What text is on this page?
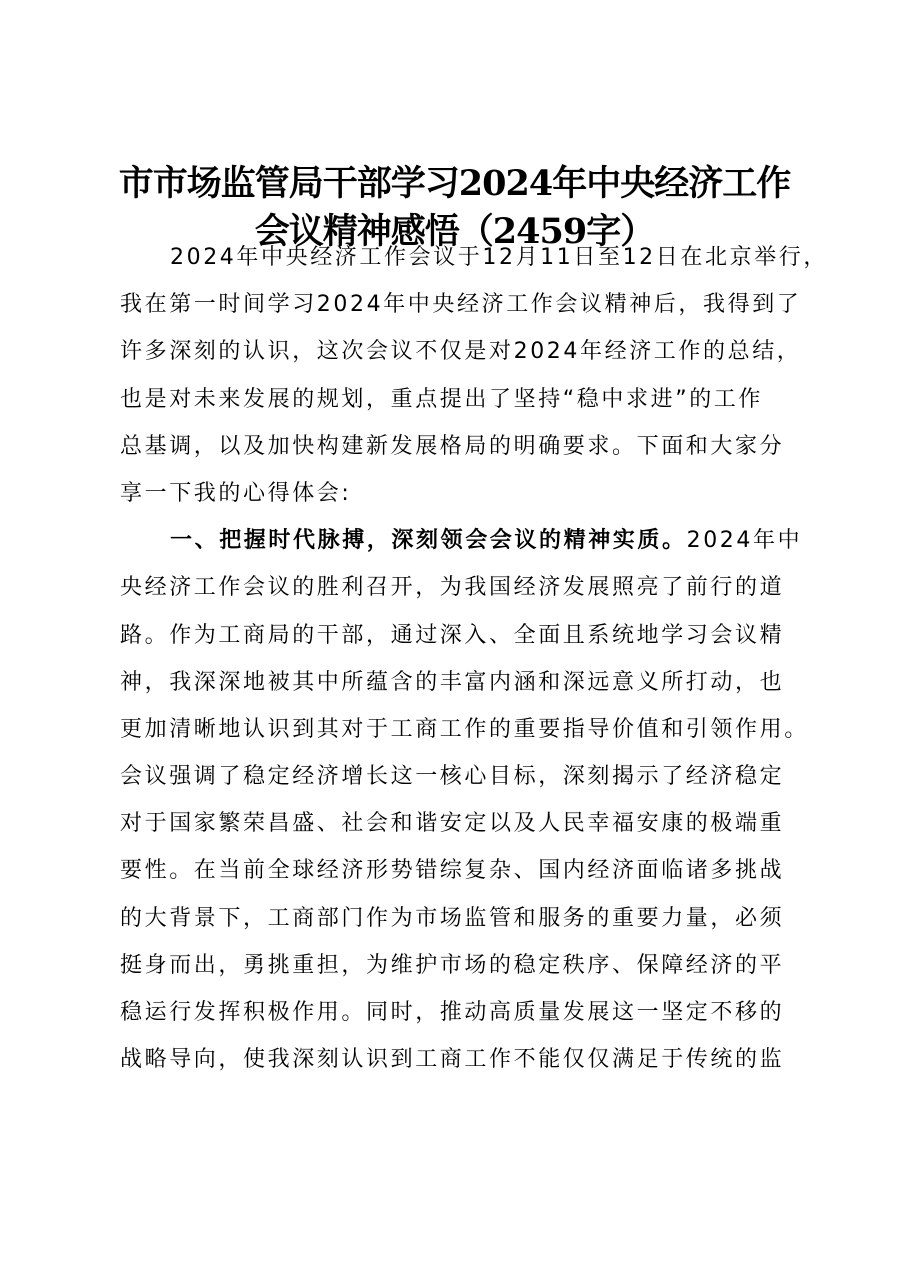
市市场监管局干部学习2024年中央经济工作
会议精神感悟（2459字）
2024年中央经济工作会议于12月11日至12日在北京举行，
我在第一时间学习2024年中央经济工作会议精神后，我得到了
许多深刻的认识，这次会议不仅是对2024年经济工作的总结，
也是对未来发展的规划，重点提出了坚持“稳中求进”的工作
总基调，以及加快构建新发展格局的明确要求。下面和大家分
享一下我的心得体会:
一、把握时代脉搏，深刻领会会议的精神实质。2024年中
央经济工作会议的胜利召开，为我国经济发展照亮了前行的道
路。作为工商局的干部，通过深入、全面且系统地学习会议精
神，我深深地被其中所蕴含的丰富内涵和深远意义所打动，也
更加清晰地认识到其对于工商工作的重要指导价值和引领作用。
会议强调了稳定经济增长这一核心目标，深刻揭示了经济稳定
对于国家繁荣昌盛、社会和谐安定以及人民幸福安康的极端重
要性。在当前全球经济形势错综复杂、国内经济面临诸多挑战
的大背景下，工商部门作为市场监管和服务的重要力量，必须
挺身而出，勇挑重担，为维护市场的稳定秩序、保障经济的平
稳运行发挥积极作用。同时，推动高质量发展这一坚定不移的
战略导向，使我深刻认识到工商工作不能仅仅满足于传统的监
